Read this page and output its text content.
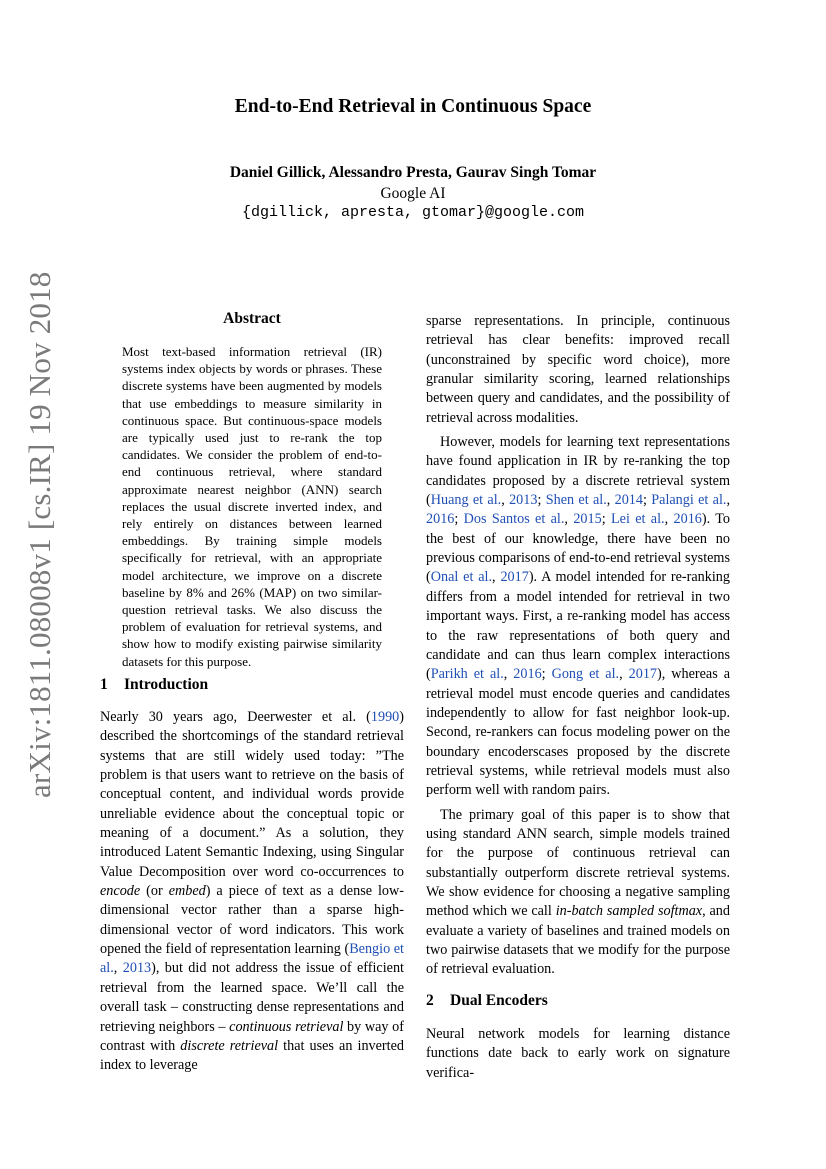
arXiv:1811.08008v1 [cs.IR] 19 Nov 2018
End-to-End Retrieval in Continuous Space
Daniel Gillick, Alessandro Presta, Gaurav Singh Tomar
Google AI
{dgillick, apresta, gtomar}@google.com
Abstract
Most text-based information retrieval (IR) systems index objects by words or phrases. These discrete systems have been augmented by models that use embeddings to measure similarity in continuous space. But continuous-space models are typically used just to re-rank the top candidates. We consider the problem of end-to-end continuous retrieval, where standard approximate nearest neighbor (ANN) search replaces the usual discrete inverted index, and rely entirely on distances between learned embeddings. By training simple models specifically for retrieval, with an appropriate model architecture, we improve on a discrete baseline by 8% and 26% (MAP) on two similar-question retrieval tasks. We also discuss the problem of evaluation for retrieval systems, and show how to modify existing pairwise similarity datasets for this purpose.
1 Introduction

Nearly 30 years ago, Deerwester et al. (1990) described the shortcomings of the standard retrieval systems that are still widely used today: ”The problem is that users want to retrieve on the basis of conceptual content, and individual words provide unreliable evidence about the conceptual topic or meaning of a document.” As a solution, they introduced Latent Semantic Indexing, using Singular Value Decomposition over word co-occurrences to encode (or embed) a piece of text as a dense low-dimensional vector rather than a sparse high-dimensional vector of word indicators. This work opened the field of representation learning (Bengio et al., 2013), but did not address the issue of efficient retrieval from the learned space. We’ll call the overall task – constructing dense representations and retrieving neighbors – continuous retrieval by way of contrast with discrete retrieval that uses an inverted index to leverage

sparse representations. In principle, continuous retrieval has clear benefits: improved recall (unconstrained by specific word choice), more granular similarity scoring, learned relationships between query and candidates, and the possibility of retrieval across modalities.

However, models for learning text representations have found application in IR by re-ranking the top candidates proposed by a discrete retrieval system (Huang et al., 2013; Shen et al., 2014; Palangi et al., 2016; Dos Santos et al., 2015; Lei et al., 2016). To the best of our knowledge, there have been no previous comparisons of end-to-end retrieval systems (Onal et al., 2017). A model intended for re-ranking differs from a model intended for retrieval in two important ways. First, a re-ranking model has access to the raw representations of both query and candidate and can thus learn complex interactions (Parikh et al., 2016; Gong et al., 2017), whereas a retrieval model must encode queries and candidates independently to allow for fast neighbor look-up. Second, re-rankers can focus modeling power on the boundary encoderscases proposed by the discrete retrieval systems, while retrieval models must also perform well with random pairs.

The primary goal of this paper is to show that using standard ANN search, simple models trained for the purpose of continuous retrieval can substantially outperform discrete retrieval systems. We show evidence for choosing a negative sampling method which we call in-batch sampled softmax, and evaluate a variety of baselines and trained models on two pairwise datasets that we modify for the purpose of retrieval evaluation.

2 Dual Encoders

Neural network models for learning distance functions date back to early work on signature verifica-
